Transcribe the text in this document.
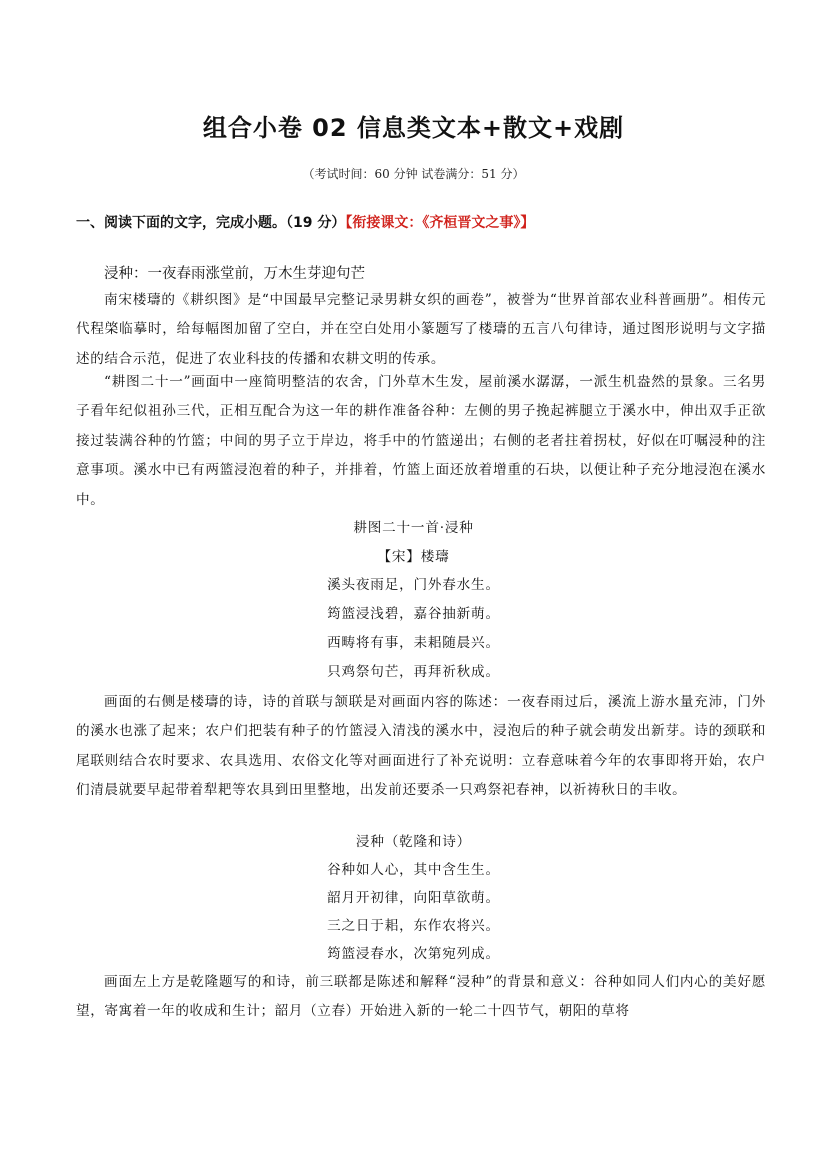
组合小卷 02 信息类文本+散文+戏剧
（考试时间：60 分钟 试卷满分：51 分）
一、阅读下面的文字，完成小题。（19 分）【衔接课文：《齐桓晋文之事》】
浸种：一夜春雨涨堂前，万木生芽迎句芒
南宋楼璹的《耕织图》是“中国最早完整记录男耕女织的画卷”，被誉为“世界首部农业科普画册”。相传元代程棨临摹时，给每幅图加留了空白，并在空白处用小篆题写了楼璹的五言八句律诗，通过图形说明与文字描述的结合示范，促进了农业科技的传播和农耕文明的传承。
“耕图二十一”画面中一座简明整洁的农舍，门外草木生发，屋前溪水潺潺，一派生机盎然的景象。三名男子看年纪似祖孙三代，正相互配合为这一年的耕作准备谷种：左侧的男子挽起裤腿立于溪水中，伸出双手正欲接过装满谷种的竹篮；中间的男子立于岸边，将手中的竹篮递出；右侧的老者拄着拐杖，好似在叮嘱浸种的注意事项。溪水中已有两篮浸泡着的种子，并排着，竹篮上面还放着增重的石块，以便让种子充分地浸泡在溪水中。
耕图二十一首·浸种
【宋】楼璹
溪头夜雨足，门外春水生。
筠篮浸浅碧，嘉谷抽新萌。
西畴将有事，耒耜随晨兴。
只鸡祭句芒，再拜祈秋成。
画面的右侧是楼璹的诗，诗的首联与颔联是对画面内容的陈述：一夜春雨过后，溪流上游水量充沛，门外的溪水也涨了起来；农户们把装有种子的竹篮浸入清浅的溪水中，浸泡后的种子就会萌发出新芽。诗的颈联和尾联则结合农时要求、农具选用、农俗文化等对画面进行了补充说明：立春意味着今年的农事即将开始，农户们清晨就要早起带着犁耙等农具到田里整地，出发前还要杀一只鸡祭祀春神，以祈祷秋日的丰收。
浸种（乾隆和诗）
谷种如人心，其中含生生。
韶月开初律，向阳草欲萌。
三之日于耜，东作农将兴。
筠篮浸春水，次第宛列成。
画面左上方是乾隆题写的和诗，前三联都是陈述和解释“浸种”的背景和意义：谷种如同人们内心的美好愿望，寄寓着一年的收成和生计；韶月（立春）开始进入新的一轮二十四节气，朝阳的草将
